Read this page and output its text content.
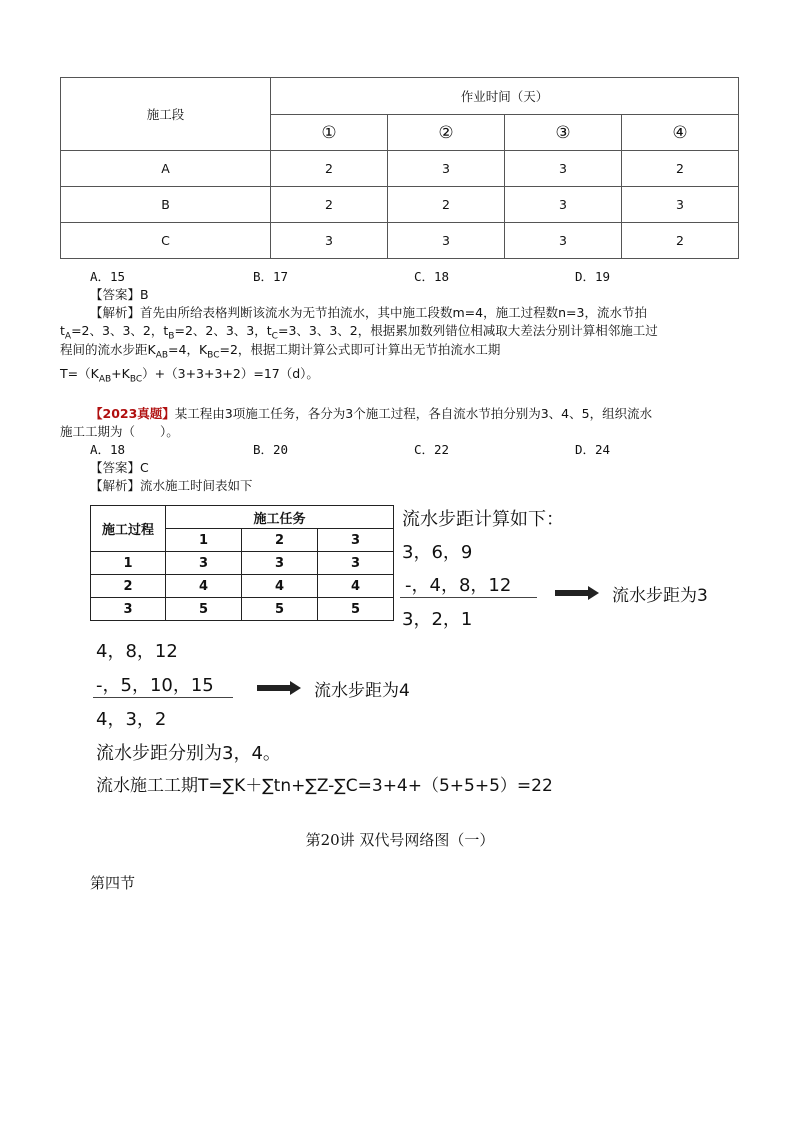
施工段	作业时间（天）			
	①	②	③	④
A	2	3	3	2
B	2	2	3	3
C	3	3	3	2
A．15	B．17	C．18	D．19
【答案】B
【解析】首先由所给表格判断该流水为无节拍流水，其中施工段数m=4，施工过程数n=3，流水节拍
$t_A=2$、3、3、2，$t_B=2$、2、3、3，$t_C=3$、3、3、2，根据累加数列错位相减取大差法分别计算相邻施工过
程间的流水步距$K_{AB}=4$，$K_{BC}=2$，根据工期计算公式即可计算出无节拍流水工期
$T=(K_{AB}+K_{BC})+(3+3+3+2)=17(d)$。
【2023真题】某工程由3项施工任务，各分为3个施工过程，各自流水节拍分别为3、4、5，组织流水
施工工期为（　　）。
A．18	B．20	C．22	D．24
【答案】C
【解析】流水施工时间表如下
施工过程	施工任务		
	1	2	3
1	3	3	3
2	4	4	4
3	5	5	5
流水步距计算如下：
3，6，9
-，4，8，12
3，2，1
流水步距为3
4，8，12
-，5，10，15
4，3，2
流水步距为4
流水步距分别为3，4。
流水施工工期T=∑K＋∑tn+∑Z-∑C=3+4+（5+5+5）=22
第20讲 双代号网络图（一）
第四节
